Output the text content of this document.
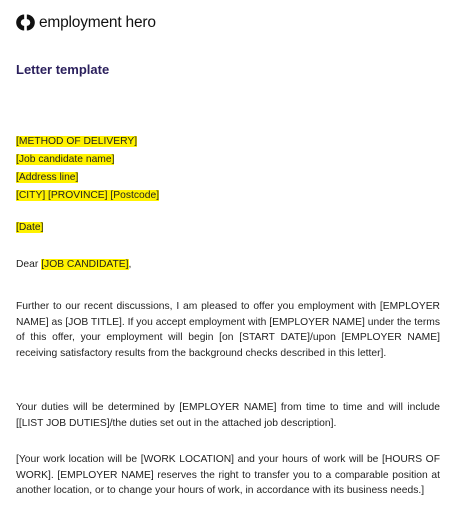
employment hero
Letter template
[METHOD OF DELIVERY]
[Job candidate name]
[Address line]
[CITY] [PROVINCE] [Postcode]
[Date]
Dear [JOB CANDIDATE],

Further to our recent discussions, I am pleased to offer you employment with [EMPLOYER NAME] as [JOB TITLE]. If you accept employment with [EMPLOYER NAME] under the terms of this offer, your employment will begin [on [START DATE]/upon [EMPLOYER NAME] receiving satisfactory results from the background checks described in this letter].

Your duties will be determined by [EMPLOYER NAME] from time to time and will include [[LIST JOB DUTIES]/the duties set out in the attached job description].

[Your work location will be [WORK LOCATION] and your hours of work will be [HOURS OF WORK]. [EMPLOYER NAME] reserves the right to transfer you to a comparable position at another location, or to change your hours of work, in accordance with its business needs.]
